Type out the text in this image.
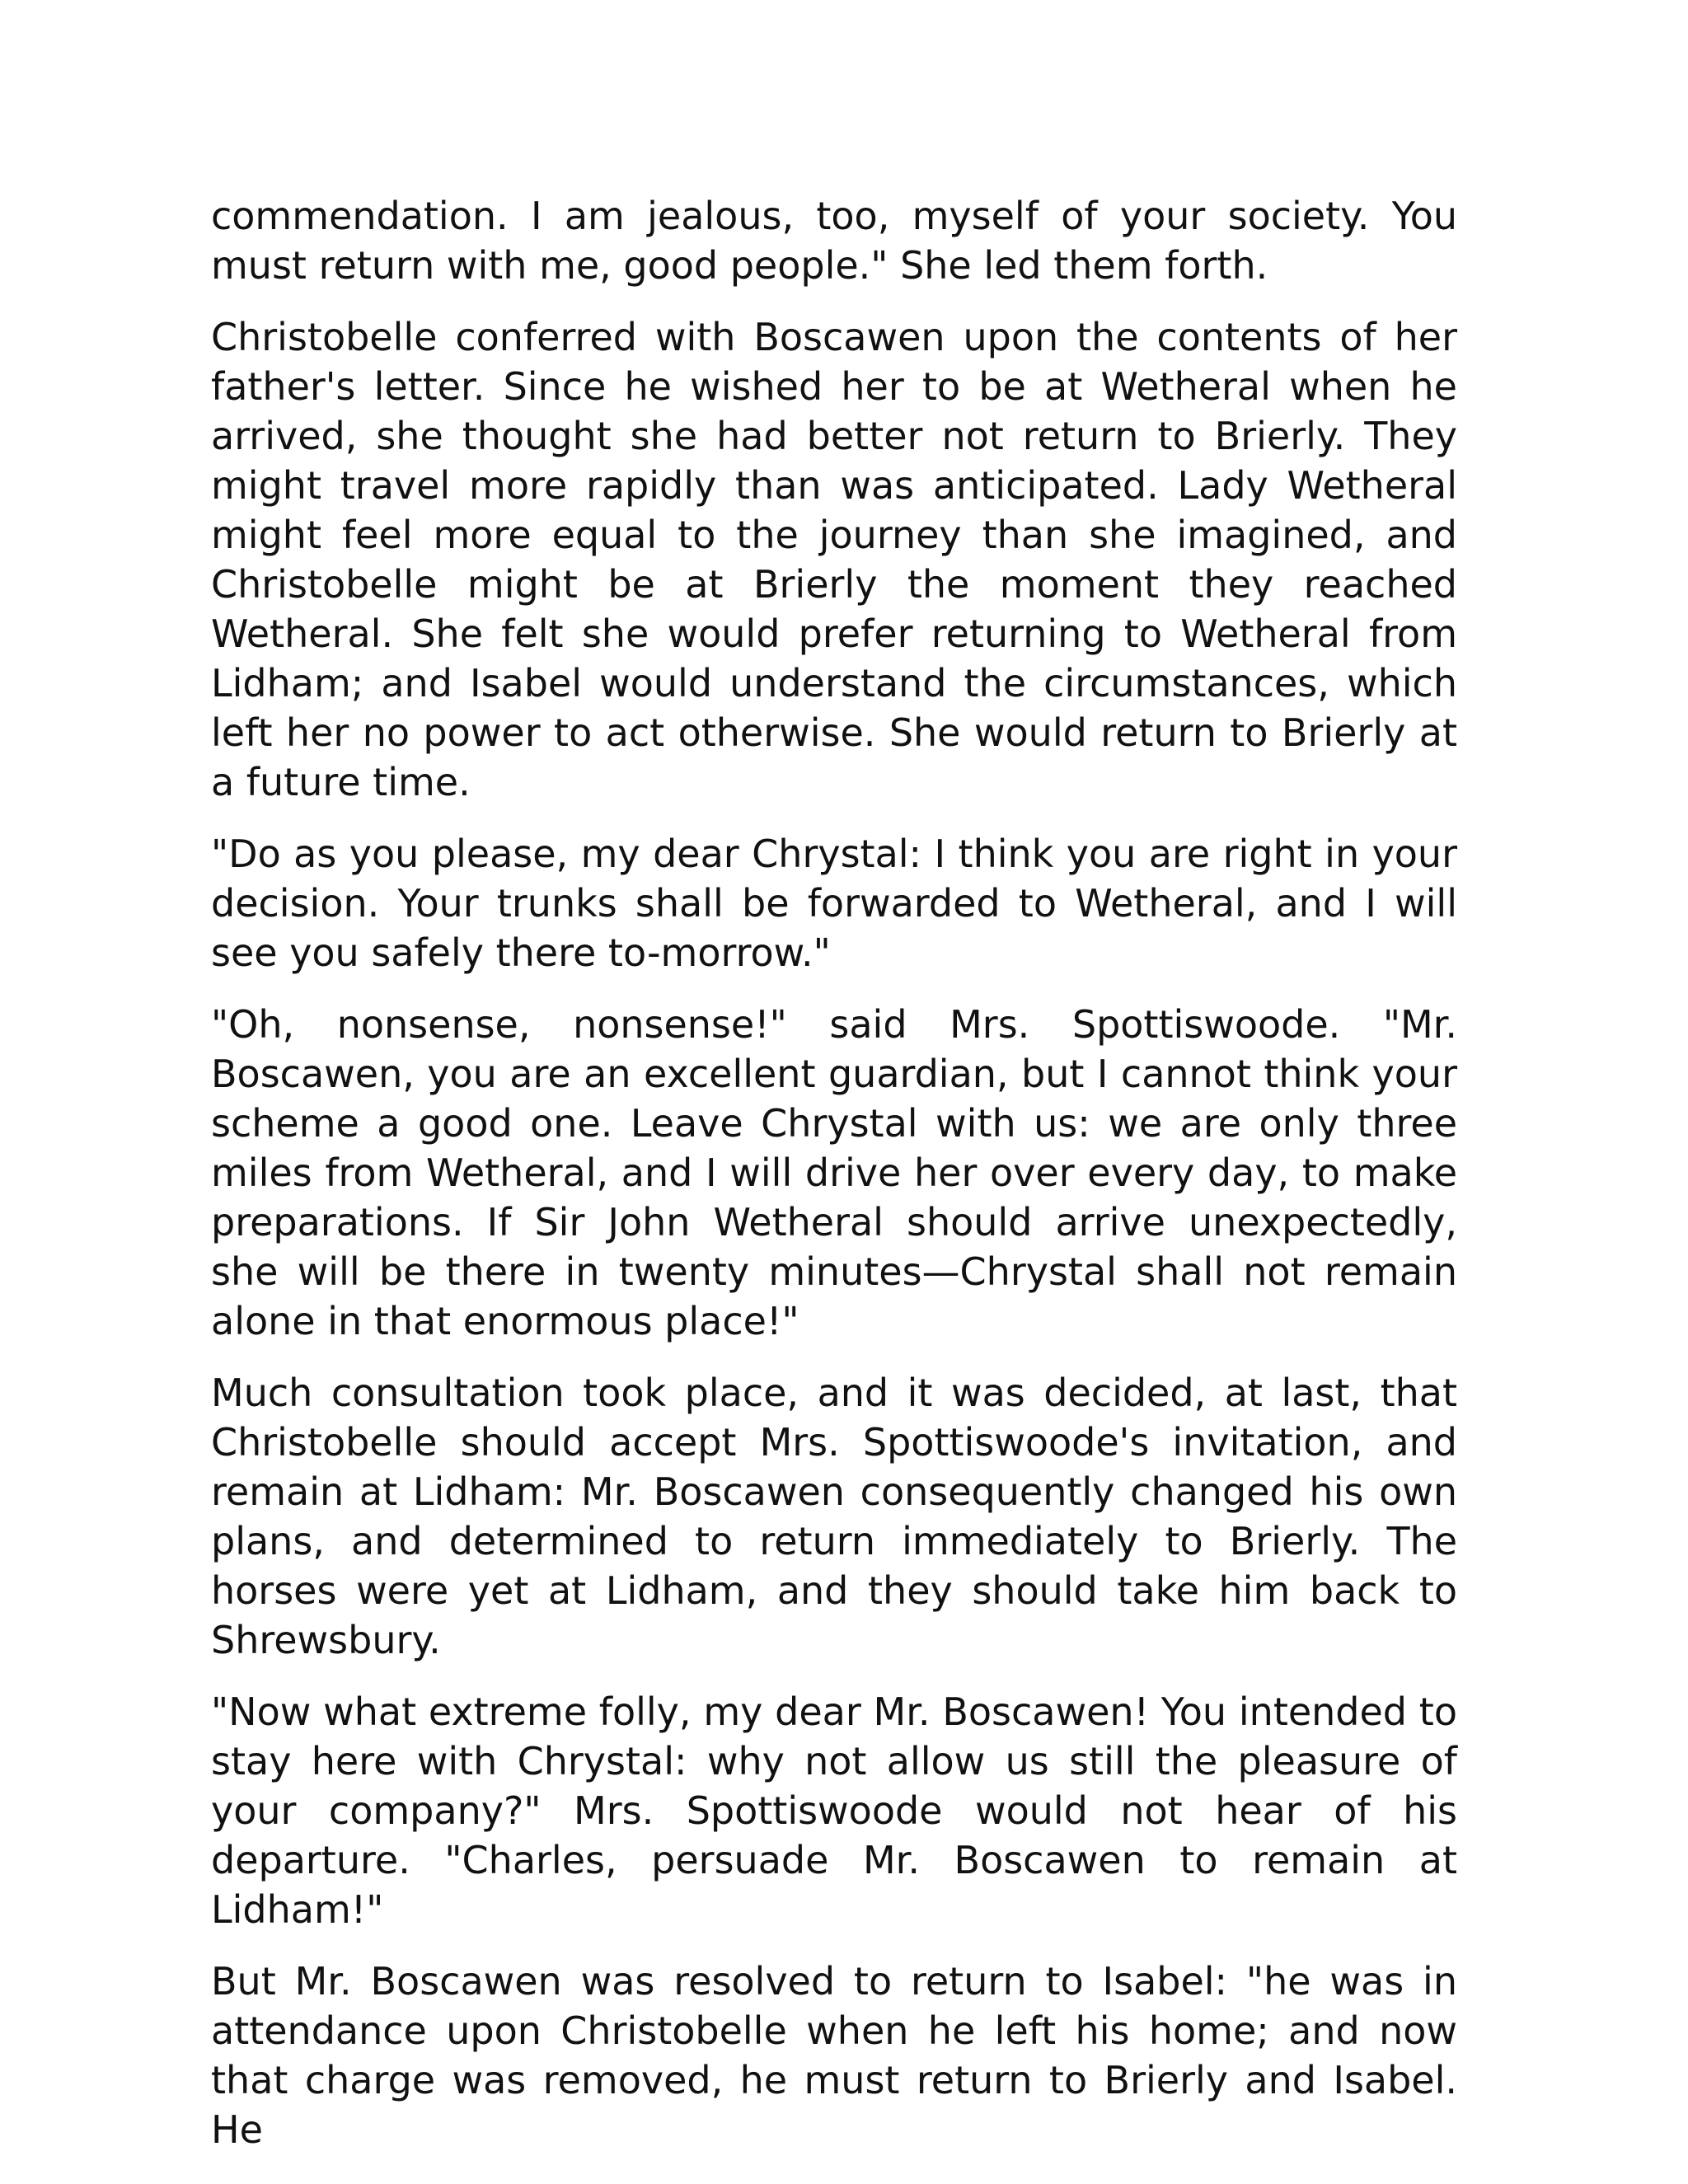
commendation. I am jealous, too, myself of your society. You must return with me, good people." She led them forth.

Christobelle conferred with Boscawen upon the contents of her father's letter. Since he wished her to be at Wetheral when he arrived, she thought she had better not return to Brierly. They might travel more rapidly than was anticipated. Lady Wetheral might feel more equal to the journey than she imagined, and Christobelle might be at Brierly the moment they reached Wetheral. She felt she would prefer returning to Wetheral from Lidham; and Isabel would understand the circumstances, which left her no power to act otherwise. She would return to Brierly at a future time.

"Do as you please, my dear Chrystal: I think you are right in your decision. Your trunks shall be forwarded to Wetheral, and I will see you safely there to-morrow."

"Oh, nonsense, nonsense!" said Mrs. Spottiswoode. "Mr. Boscawen, you are an excellent guardian, but I cannot think your scheme a good one. Leave Chrystal with us: we are only three miles from Wetheral, and I will drive her over every day, to make preparations. If Sir John Wetheral should arrive unexpectedly, she will be there in twenty minutes—Chrystal shall not remain alone in that enormous place!"

Much consultation took place, and it was decided, at last, that Christobelle should accept Mrs. Spottiswoode's invitation, and remain at Lidham: Mr. Boscawen consequently changed his own plans, and determined to return immediately to Brierly. The horses were yet at Lidham, and they should take him back to Shrewsbury.

"Now what extreme folly, my dear Mr. Boscawen! You intended to stay here with Chrystal: why not allow us still the pleasure of your company?" Mrs. Spottiswoode would not hear of his departure. "Charles, persuade Mr. Boscawen to remain at Lidham!"

But Mr. Boscawen was resolved to return to Isabel: "he was in attendance upon Christobelle when he left his home; and now that charge was removed, he must return to Brierly and Isabel. He
